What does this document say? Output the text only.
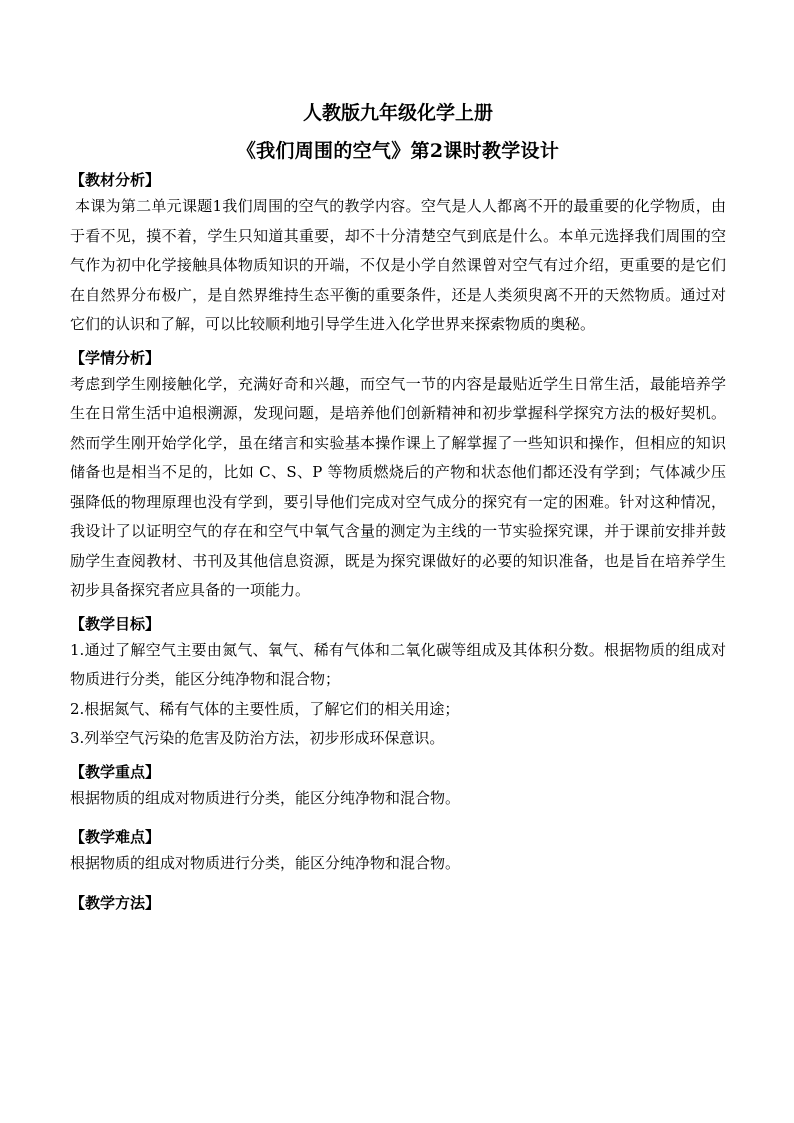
人教版九年级化学上册
《我们周围的空气》第2课时教学设计

【教材分析】

本课为第二单元课题1我们周围的空气的教学内容。空气是人人都离不开的最重要的化学物质，由于看不见，摸不着，学生只知道其重要，却不十分清楚空气到底是什么。本单元选择我们周围的空气作为初中化学接触具体物质知识的开端，不仅是小学自然课曾对空气有过介绍，更重要的是它们在自然界分布极广，是自然界维持生态平衡的重要条件，还是人类须臾离不开的天然物质。通过对它们的认识和了解，可以比较顺利地引导学生进入化学世界来探索物质的奥秘。

【学情分析】

考虑到学生刚接触化学，充满好奇和兴趣，而空气一节的内容是最贴近学生日常生活，最能培养学生在日常生活中追根溯源，发现问题，是培养他们创新精神和初步掌握科学探究方法的极好契机。然而学生刚开始学化学，虽在绪言和实验基本操作课上了解掌握了一些知识和操作，但相应的知识储备也是相当不足的，比如 C、S、P 等物质燃烧后的产物和状态他们都还没有学到；气体减少压强降低的物理原理也没有学到，要引导他们完成对空气成分的探究有一定的困难。针对这种情况，我设计了以证明空气的存在和空气中氧气含量的测定为主线的一节实验探究课，并于课前安排并鼓励学生查阅教材、书刊及其他信息资源，既是为探究课做好的必要的知识准备，也是旨在培养学生初步具备探究者应具备的一项能力。

【教学目标】

1.通过了解空气主要由氮气、氧气、稀有气体和二氧化碳等组成及其体积分数。根据物质的组成对物质进行分类，能区分纯净物和混合物；

2.根据氮气、稀有气体的主要性质，了解它们的相关用途；

3.列举空气污染的危害及防治方法，初步形成环保意识。

【教学重点】

根据物质的组成对物质进行分类，能区分纯净物和混合物。

【教学难点】

根据物质的组成对物质进行分类，能区分纯净物和混合物。

【教学方法】
